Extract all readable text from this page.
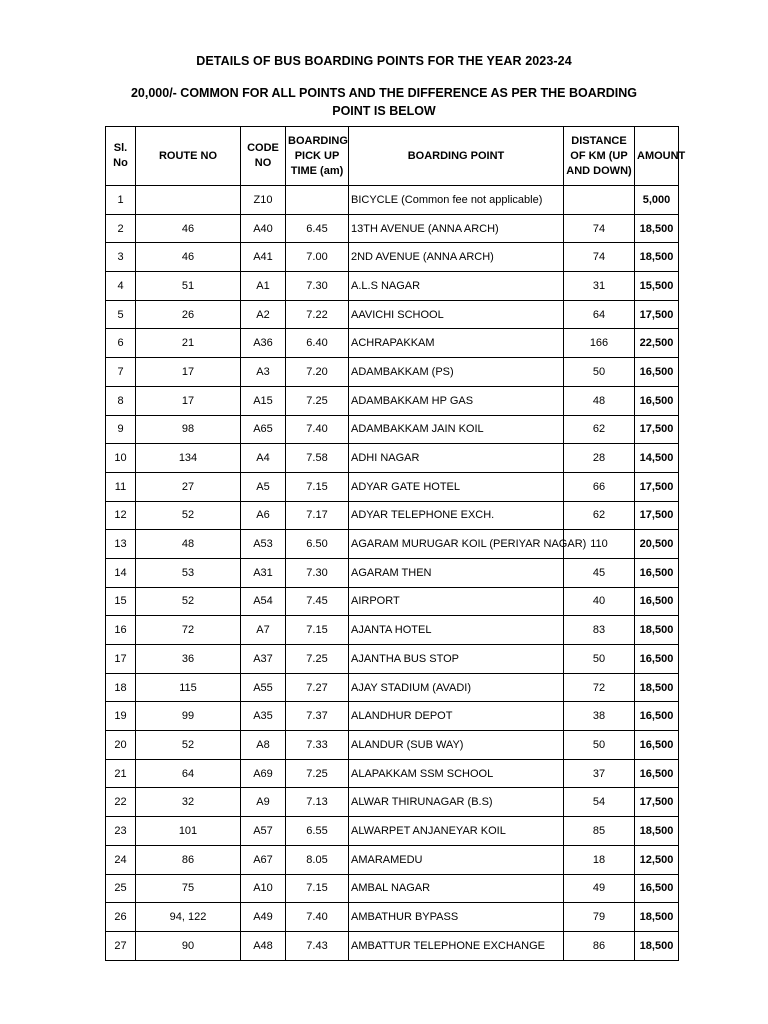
DETAILS OF BUS BOARDING POINTS FOR THE YEAR 2023-24
20,000/- COMMON FOR ALL POINTS AND THE DIFFERENCE AS PER THE BOARDING POINT IS BELOW
Sl. No	ROUTE NO	CODE NO	BOARDING PICK UP TIME (am)	BOARDING POINT	DISTANCE OF KM (UP AND DOWN)	AMOUNT
1		Z10		BICYCLE (Common fee not applicable)		5,000
2	46	A40	6.45	13TH AVENUE (ANNA ARCH)	74	18,500
3	46	A41	7.00	2ND AVENUE (ANNA ARCH)	74	18,500
4	51	A1	7.30	A.L.S NAGAR	31	15,500
5	26	A2	7.22	AAVICHI SCHOOL	64	17,500
6	21	A36	6.40	ACHRAPAKKAM	166	22,500
7	17	A3	7.20	ADAMBAKKAM (PS)	50	16,500
8	17	A15	7.25	ADAMBAKKAM HP GAS	48	16,500
9	98	A65	7.40	ADAMBAKKAM JAIN KOIL	62	17,500
10	134	A4	7.58	ADHI NAGAR	28	14,500
11	27	A5	7.15	ADYAR GATE HOTEL	66	17,500
12	52	A6	7.17	ADYAR TELEPHONE EXCH.	62	17,500
13	48	A53	6.50	AGARAM MURUGAR KOIL (PERIYAR NAGAR)	110	20,500
14	53	A31	7.30	AGARAM THEN	45	16,500
15	52	A54	7.45	AIRPORT	40	16,500
16	72	A7	7.15	AJANTA HOTEL	83	18,500
17	36	A37	7.25	AJANTHA BUS STOP	50	16,500
18	115	A55	7.27	AJAY STADIUM (AVADI)	72	18,500
19	99	A35	7.37	ALANDHUR DEPOT	38	16,500
20	52	A8	7.33	ALANDUR (SUB WAY)	50	16,500
21	64	A69	7.25	ALAPAKKAM SSM SCHOOL	37	16,500
22	32	A9	7.13	ALWAR THIRUNAGAR (B.S)	54	17,500
23	101	A57	6.55	ALWARPET ANJANEYAR KOIL	85	18,500
24	86	A67	8.05	AMARAMEDU	18	12,500
25	75	A10	7.15	AMBAL NAGAR	49	16,500
26	94, 122	A49	7.40	AMBATHUR BYPASS	79	18,500
27	90	A48	7.43	AMBATTUR TELEPHONE EXCHANGE	86	18,500
